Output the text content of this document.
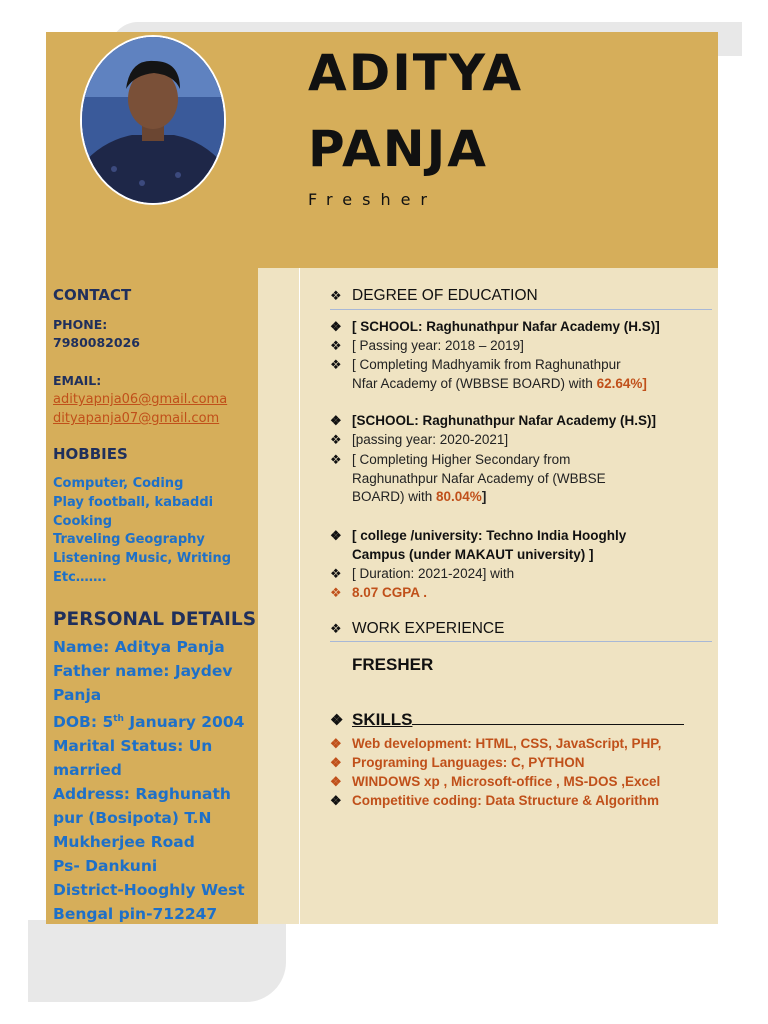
ADITYA
PANJA

Fresher

CONTACT

PHONE:

7980082026

EMAIL:

adityapnja06@gmail.coma

dityapanja07@gmail.com

HOBBIES

Computer, Coding
Play football, kabaddi
Cooking
Traveling Geography
Listening Music, Writing
Etc…….

PERSONAL DETAILS

Name: Aditya Panja
Father name: Jaydev
Panja
DOB: 5th January 2004
Marital Status: Un
married
Address: Raghunath
pur (Bosipota) T.N
Mukherjee Road
Ps- Dankuni
District-Hooghly West
Bengal pin-712247

❖ DEGREE OF EDUCATION

❖ [ SCHOOL: Raghunathpur Nafar Academy (H.S)]
❖ [ Passing year: 2018 – 2019]
❖ [ Completing Madhyamik from Raghunathpur
Nfar Academy of (WBBSE BOARD) with 62.64%]
❖ [SCHOOL: Raghunathpur Nafar Academy (H.S)]
❖ [passing year: 2020-2021]
❖ [ Completing Higher Secondary from
Raghunathpur Nafar Academy of (WBBSE
BOARD) with 80.04%]
❖ [ college /university: Techno India Hooghly
Campus (under MAKAUT university) ]
❖ [ Duration: 2021-2024] with
❖ 8.07 CGPA .

❖ WORK EXPERIENCE

FRESHER

❖ SKILLS

❖ Web development: HTML, CSS, JavaScript, PHP,
❖ Programing Languages: C, PYTHON
❖ WINDOWS xp , Microsoft-office , MS-DOS ,Excel
❖ Competitive coding: Data Structure & Algorithm
